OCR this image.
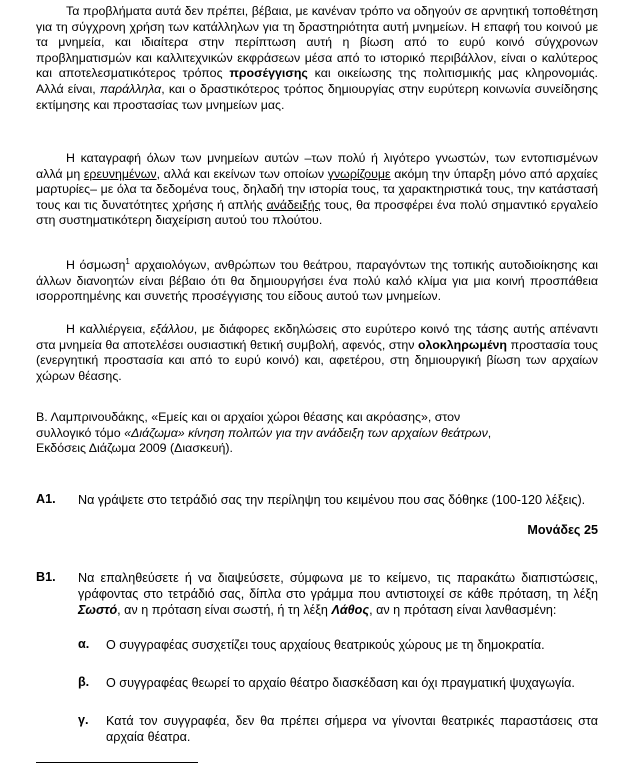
Τα προβλήματα αυτά δεν πρέπει, βέβαια, με κανέναν τρόπο να οδηγούν σε αρνητική τοποθέτηση για τη σύγχρονη χρήση των κατάλληλων για τη δραστηριότητα αυτή μνημείων. Η επαφή του κοινού με τα μνημεία, και ιδιαίτερα στην περίπτωση αυτή η βίωση από το ευρύ κοινό σύγχρονων προβληματισμών και καλλιτεχνικών εκφράσεων μέσα από το ιστορικό περιβάλλον, είναι ο καλύτερος και αποτελεσματικότερος τρόπος προσέγγισης και οικείωσης της πολιτισμικής μας κληρονομιάς. Αλλά είναι, παράλληλα, και ο δραστικότερος τρόπος δημιουργίας στην ευρύτερη κοινωνία συνείδησης εκτίμησης και προστασίας των μνημείων μας.

Η καταγραφή όλων των μνημείων αυτών –των πολύ ή λιγότερο γνωστών, των εντοπισμένων αλλά μη ερευνημένων, αλλά και εκείνων των οποίων γνωρίζουμε ακόμη την ύπαρξη μόνο από αρχαίες μαρτυρίες– με όλα τα δεδομένα τους, δηλαδή την ιστορία τους, τα χαρακτηριστικά τους, την κατάστασή τους και τις δυνατότητες χρήσης ή απλής ανάδειξής τους, θα προσφέρει ένα πολύ σημαντικό εργαλείο στη συστηματικότερη διαχείριση αυτού του πλούτου.

Η όσμωση$^1$ αρχαιολόγων, ανθρώπων του θεάτρου, παραγόντων της τοπικής αυτοδιοίκησης και άλλων διανοητών είναι βέβαιο ότι θα δημιουργήσει ένα πολύ καλό κλίμα για μια κοινή προσπάθεια ισορροπημένης και συνετής προσέγγισης του είδους αυτού των μνημείων.

Η καλλιέργεια, εξάλλου, με διάφορες εκδηλώσεις στο ευρύτερο κοινό της τάσης αυτής απέναντι στα μνημεία θα αποτελέσει ουσιαστική θετική συμβολή, αφενός, στην ολοκληρωμένη προστασία τους (ενεργητική προστασία και από το ευρύ κοινό) και, αφετέρου, στη δημιουργική βίωση των αρχαίων χώρων θέασης.

Β. Λαμπρινουδάκης, «Εμείς και οι αρχαίοι χώροι θέασης και ακρόασης», στον
συλλογικό τόμο «Διάζωμα» κίνηση πολιτών για την ανάδειξη των αρχαίων θεάτρων,
Εκδόσεις Διάζωμα 2009 (Διασκευή).
Α1. Να γράψετε στο τετράδιό σας την περίληψη του κειμένου που σας δόθηκε (100-120 λέξεις).

Μονάδες 25
Β1. Να επαληθεύσετε ή να διαψεύσετε, σύμφωνα με το κείμενο, τις παρακάτω διαπιστώσεις, γράφοντας στο τετράδιό σας, δίπλα στο γράμμα που αντιστοιχεί σε κάθε πρόταση, τη λέξη Σωστό, αν η πρόταση είναι σωστή, ή τη λέξη Λάθος, αν η πρόταση είναι λανθασμένη:

α. Ο συγγραφέας συσχετίζει τους αρχαίους θεατρικούς χώρους με τη δημοκρατία.

β. Ο συγγραφέας θεωρεί το αρχαίο θέατρο διασκέδαση και όχι πραγματική ψυχαγωγία.

γ. Κατά τον συγγραφέα, δεν θα πρέπει σήμερα να γίνονται θεατρικές παραστάσεις στα αρχαία θέατρα.
